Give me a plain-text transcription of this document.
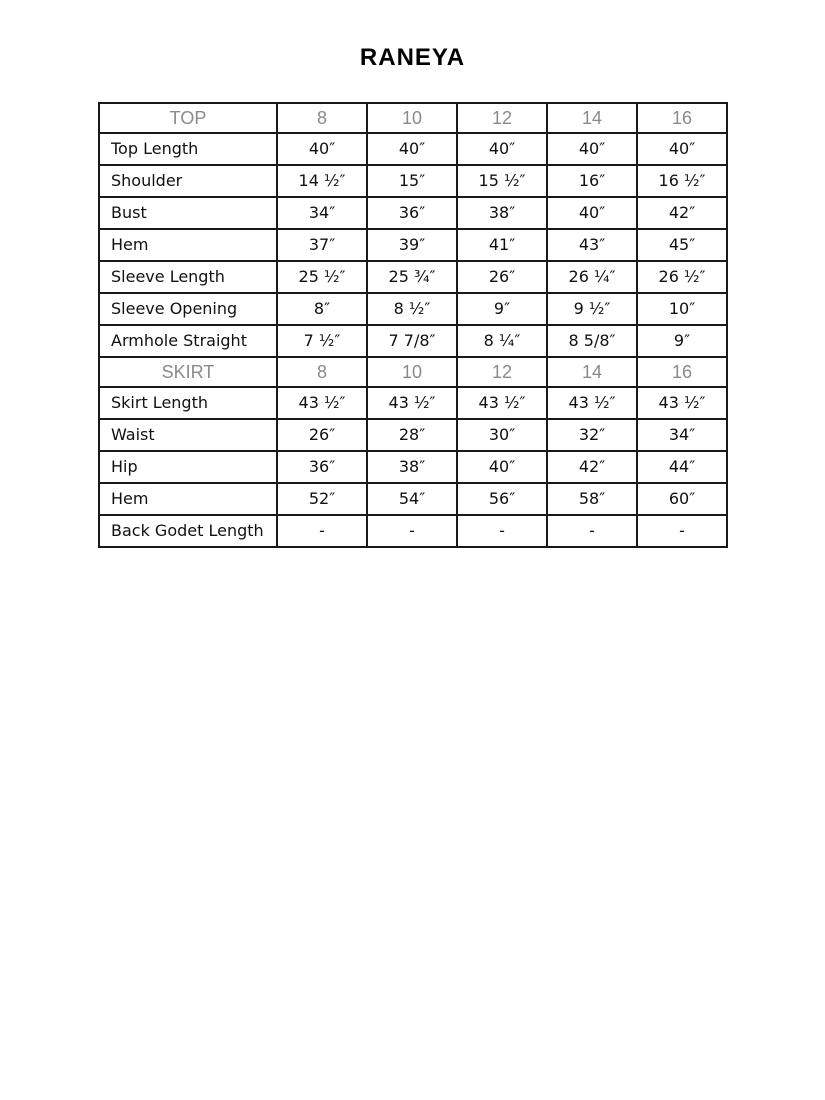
RANEYA
TOP	8	10	12	14	16
Top Length	40″	40″	40″	40″	40″
Shoulder	14 ½″	15″	15 ½″	16″	16 ½″
Bust	34″	36″	38″	40″	42″
Hem	37″	39″	41″	43″	45″
Sleeve Length	25 ½″	25 ¾″	26″	26 ¼″	26 ½″
Sleeve Opening	8″	8 ½″	9″	9 ½″	10″
Armhole Straight	7 ½″	7 7/8″	8 ¼″	8 5/8″	9″
SKIRT	8	10	12	14	16
Skirt Length	43 ½″	43 ½″	43 ½″	43 ½″	43 ½″
Waist	26″	28″	30″	32″	34″
Hip	36″	38″	40″	42″	44″
Hem	52″	54″	56″	58″	60″
Back Godet Length	-	-	-	-	-
